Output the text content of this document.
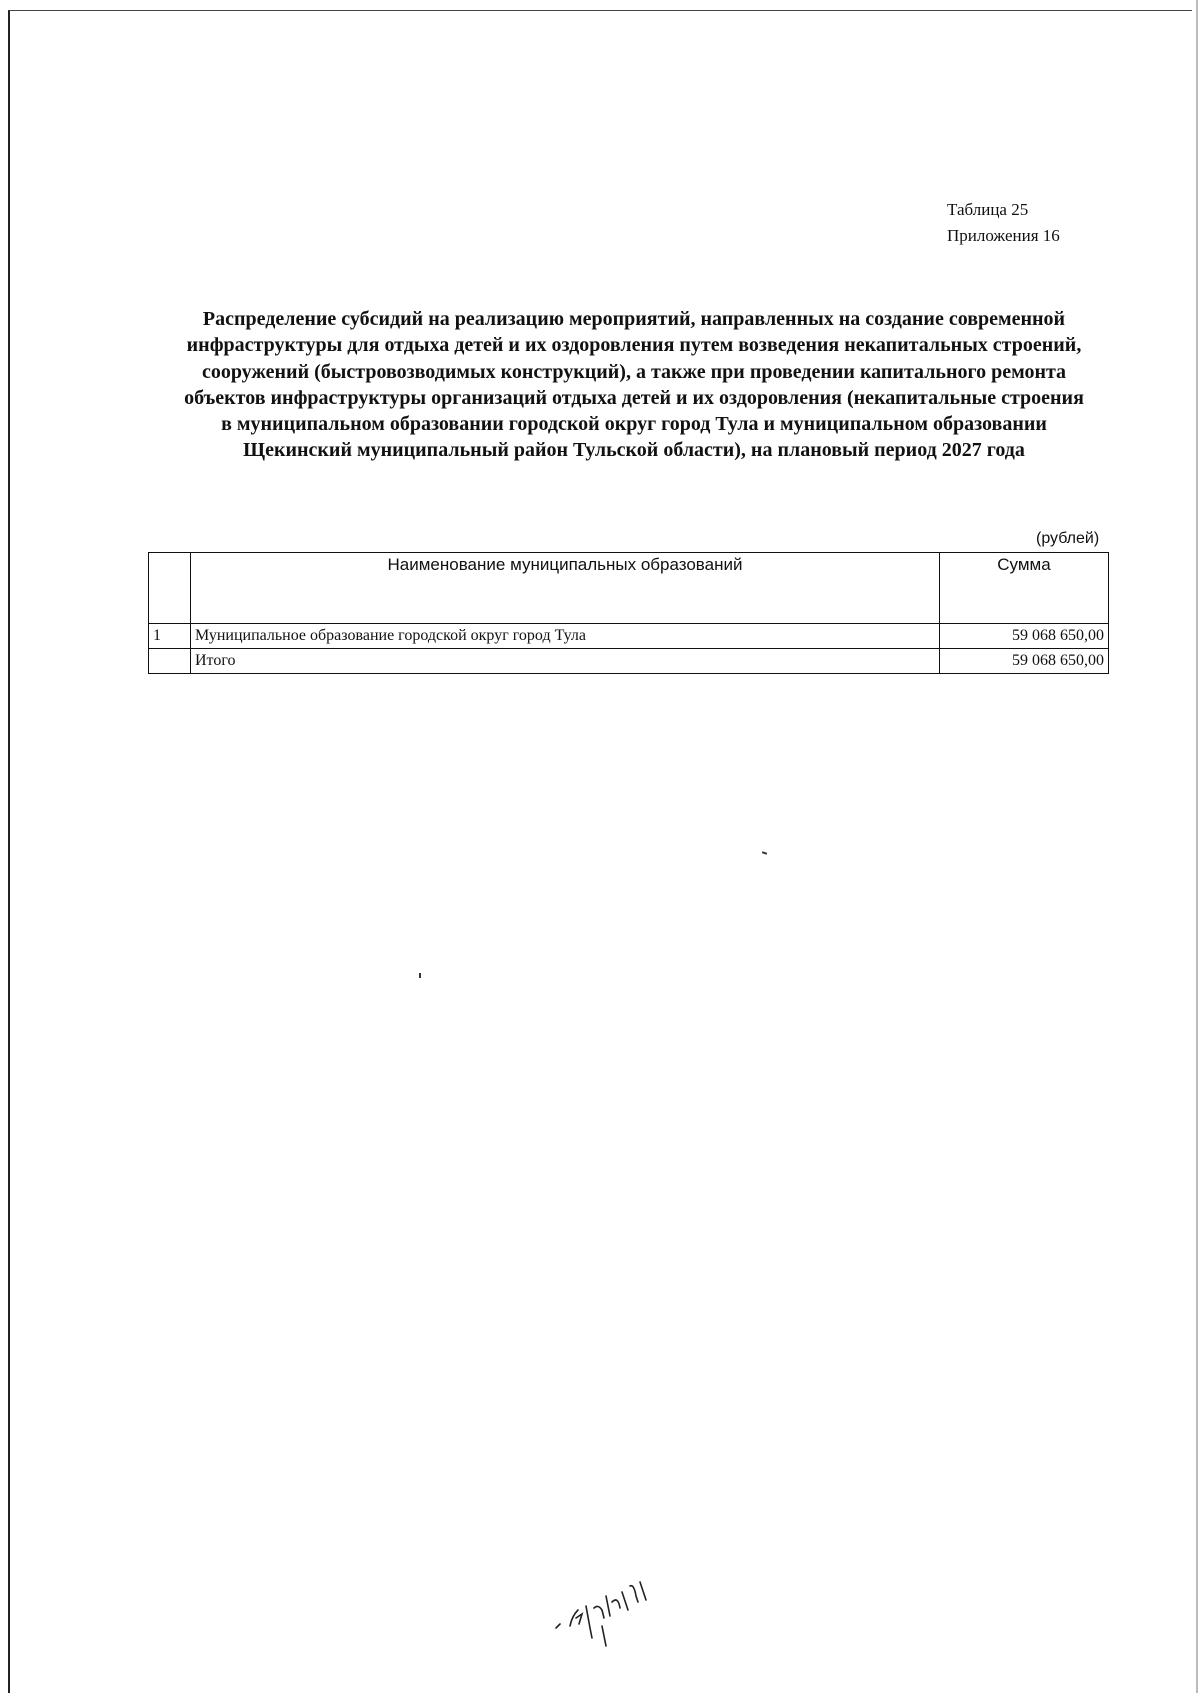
Таблица 25
Приложения 16
Распределение субсидий на реализацию мероприятий, направленных на создание современной
инфраструктуры для отдыха детей и их оздоровления путем возведения некапитальных строений,
сооружений (быстровозводимых конструкций), а также при проведении капитального ремонта
объектов инфраструктуры организаций отдыха детей и их оздоровления (некапитальные строения
в муниципальном образовании городской округ город Тула и муниципальном образовании
Щекинский муниципальный район Тульской области), на плановый период 2027 года
(рублей)
	Наименование муниципальных образований	Сумма
1	Муниципальное образование городской округ город Тула	59 068 650,00
	Итого	59 068 650,00
